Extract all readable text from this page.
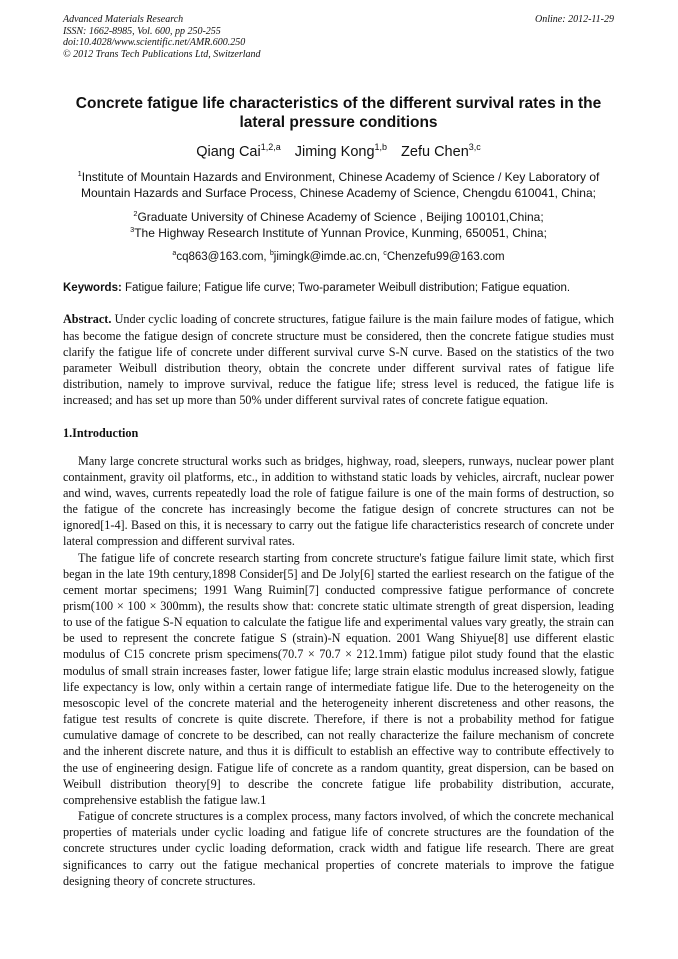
Advanced Materials Research
ISSN: 1662-8985, Vol. 600, pp 250-255
doi:10.4028/www.scientific.net/AMR.600.250
© 2012 Trans Tech Publications Ltd, Switzerland
Online: 2012-11-29
Concrete fatigue life characteristics of the different survival rates in the lateral pressure conditions
Qiang Cai$^{1,2,a}$ Jiming Kong$^{1,b}$ Zefu Chen$^{3,c}$
$^1$Institute of Mountain Hazards and Environment, Chinese Academy of Science / Key Laboratory of Mountain Hazards and Surface Process, Chinese Academy of Science, Chengdu 610041, China;
$^2$Graduate University of Chinese Academy of Science , Beijing 100101,China;
$^3$The Highway Research Institute of Yunnan Provice, Kunming, 650051, China;
$^a$cq863@163.com, $^b$jimingk@imde.ac.cn, $^c$Chenzefu99@163.com
Keywords: Fatigue failure; Fatigue life curve; Two-parameter Weibull distribution; Fatigue equation.
Abstract. Under cyclic loading of concrete structures, fatigue failure is the main failure modes of fatigue, which has become the fatigue design of concrete structure must be considered, then the concrete fatigue studies must clarify the fatigue life of concrete under different survival curve S-N curve. Based on the statistics of the two parameter Weibull distribution theory, obtain the concrete under different survival rates of fatigue life distribution, namely to improve survival, reduce the fatigue life; stress level is reduced, the fatigue life is increased; and has set up more than 50% under different survival rates of concrete fatigue equation.
1.Introduction

Many large concrete structural works such as bridges, highway, road, sleepers, runways, nuclear power plant containment, gravity oil platforms, etc., in addition to withstand static loads by vehicles, aircraft, nuclear power and wind, waves, currents repeatedly load the role of fatigue failure is one of the main forms of destruction, so the fatigue of the concrete has increasingly become the fatigue design of concrete structures can not be ignored[1-4]. Based on this, it is necessary to carry out the fatigue life characteristics research of concrete under lateral compression and different survival rates.

The fatigue life of concrete research starting from concrete structure's fatigue failure limit state, which first began in the late 19th century,1898 Consider[5] and De Joly[6] started the earliest research on the fatigue of the cement mortar specimens; 1991 Wang Ruimin[7] conducted compressive fatigue performance of concrete prism(100 × 100 × 300mm), the results show that: concrete static ultimate strength of great dispersion, leading to use of the fatigue S-N equation to calculate the fatigue life and experimental values vary greatly, the strain can be used to represent the concrete fatigue S (strain)-N equation. 2001 Wang Shiyue[8] use different elastic modulus of C15 concrete prism specimens(70.7 × 70.7 × 212.1mm) fatigue pilot study found that the elastic modulus of small strain increases faster, lower fatigue life; large strain elastic modulus increased slowly, fatigue life expectancy is low, only within a certain range of intermediate fatigue life. Due to the heterogeneity on the mesoscopic level of the concrete material and the heterogeneity inherent discreteness and other reasons, the fatigue test results of concrete is quite discrete. Therefore, if there is not a probability method for fatigue cumulative damage of concrete to be described, can not really characterize the failure mechanism of concrete and the inherent discrete nature, and thus it is difficult to establish an effective way to contribute effectively to the use of engineering design. Fatigue life of concrete as a random quantity, great dispersion, can be based on Weibull distribution theory[9] to describe the concrete fatigue life probability distribution, accurate, comprehensive establish the fatigue law.1

Fatigue of concrete structures is a complex process, many factors involved, of which the concrete mechanical properties of materials under cyclic loading and fatigue life of concrete structures are the foundation of the concrete structures under cyclic loading deformation, crack width and fatigue life research. There are great significances to carry out the fatigue mechanical properties of concrete materials to improve the fatigue designing theory of concrete structures.
